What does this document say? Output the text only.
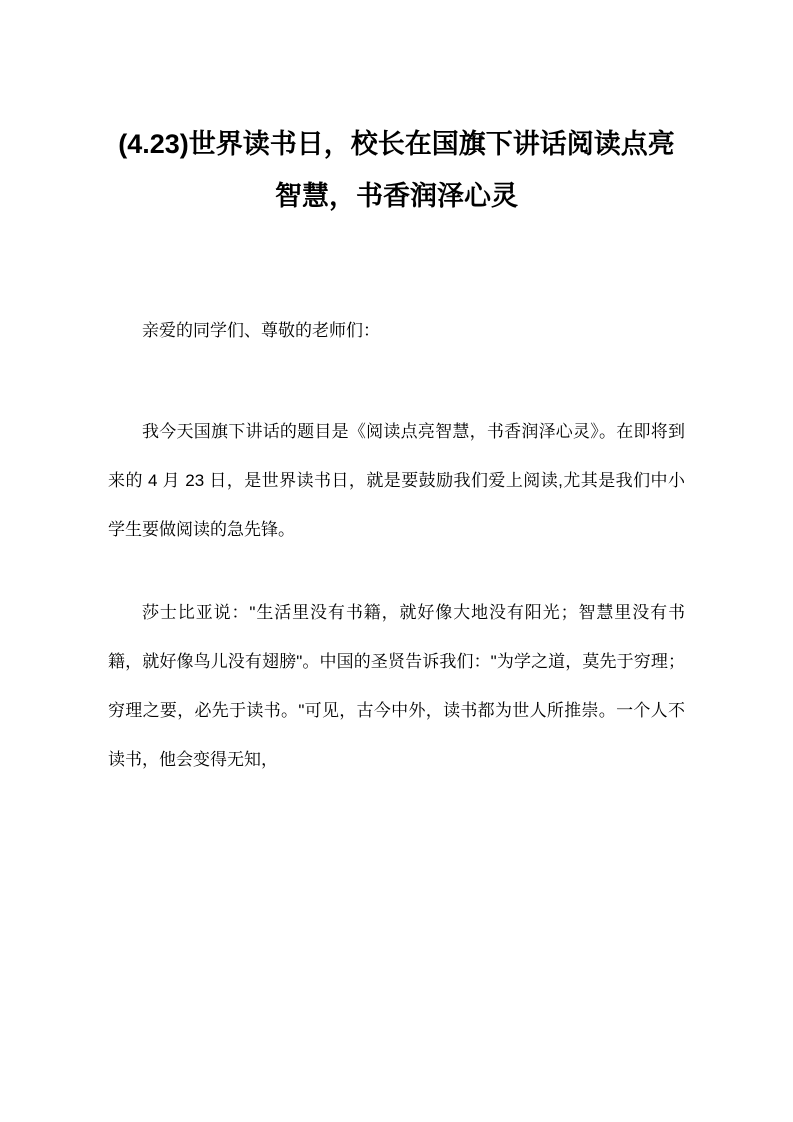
(4.23)世界读书日，校长在国旗下讲话阅读点亮智慧，书香润泽心灵

亲爱的同学们、尊敬的老师们：

我今天国旗下讲话的题目是《阅读点亮智慧，书香润泽心灵》。在即将到来的 4 月 23 日，是世界读书日，就是要鼓励我们爱上阅读,尤其是我们中小学生要做阅读的急先锋。

莎士比亚说："生活里没有书籍，就好像大地没有阳光；智慧里没有书籍，就好像鸟儿没有翅膀"。中国的圣贤告诉我们："为学之道，莫先于穷理；穷理之要，必先于读书。"可见，古今中外，读书都为世人所推崇。一个人不读书，他会变得无知，
